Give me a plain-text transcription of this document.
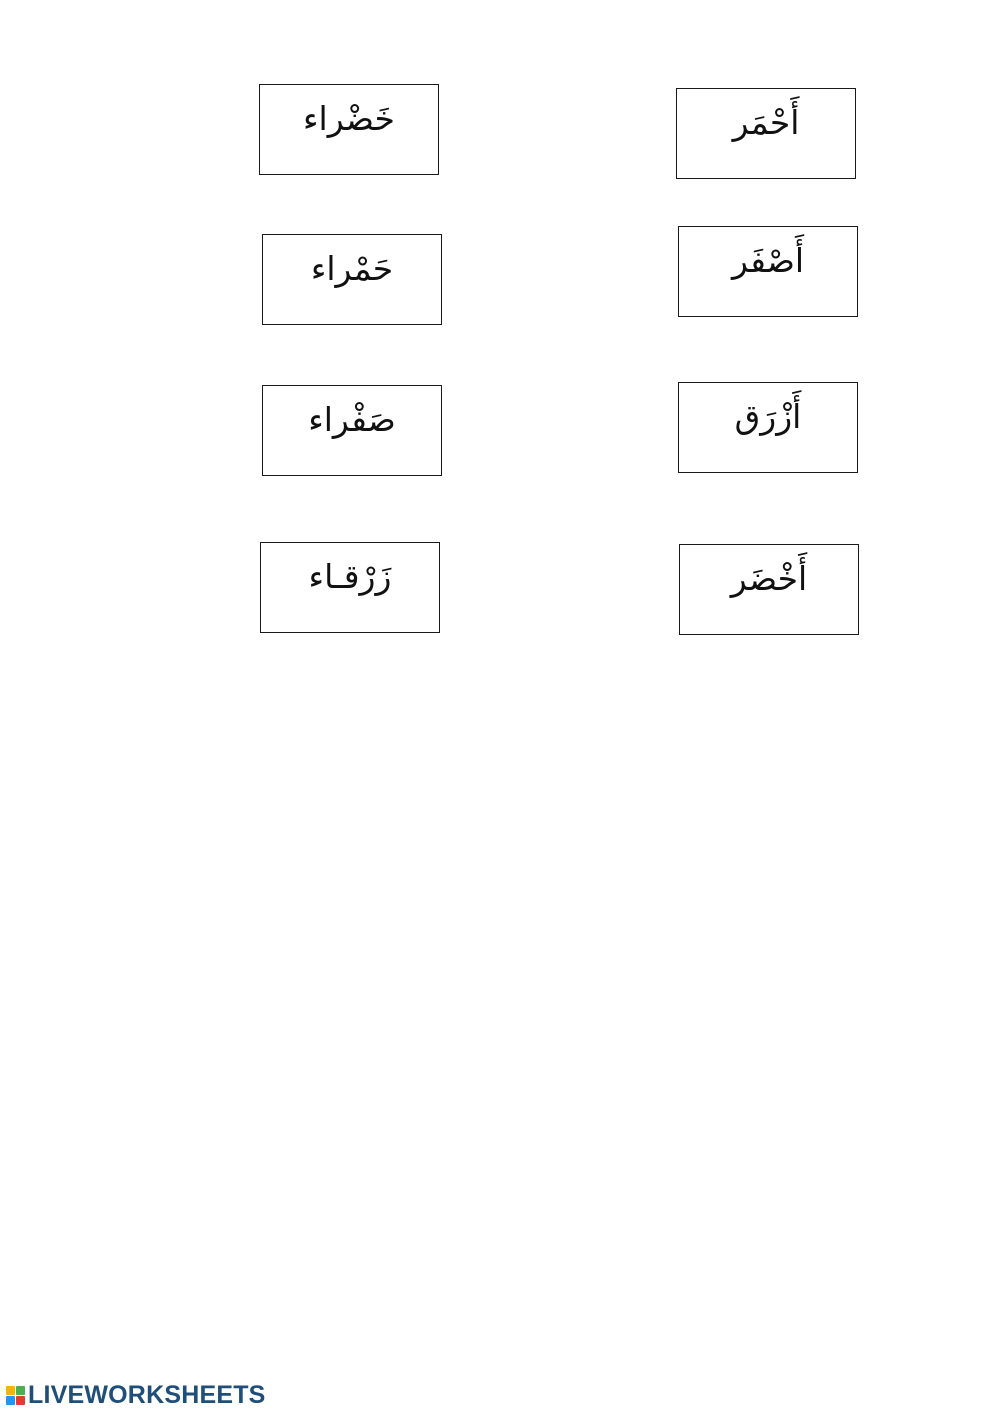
خَضْراء
حَمْراء
صَفْراء
زَرْقـاء
أَحْمَر
أَصْفَر
أَزْرَق
أَخْضَر
LIVEWORKSHEETS
